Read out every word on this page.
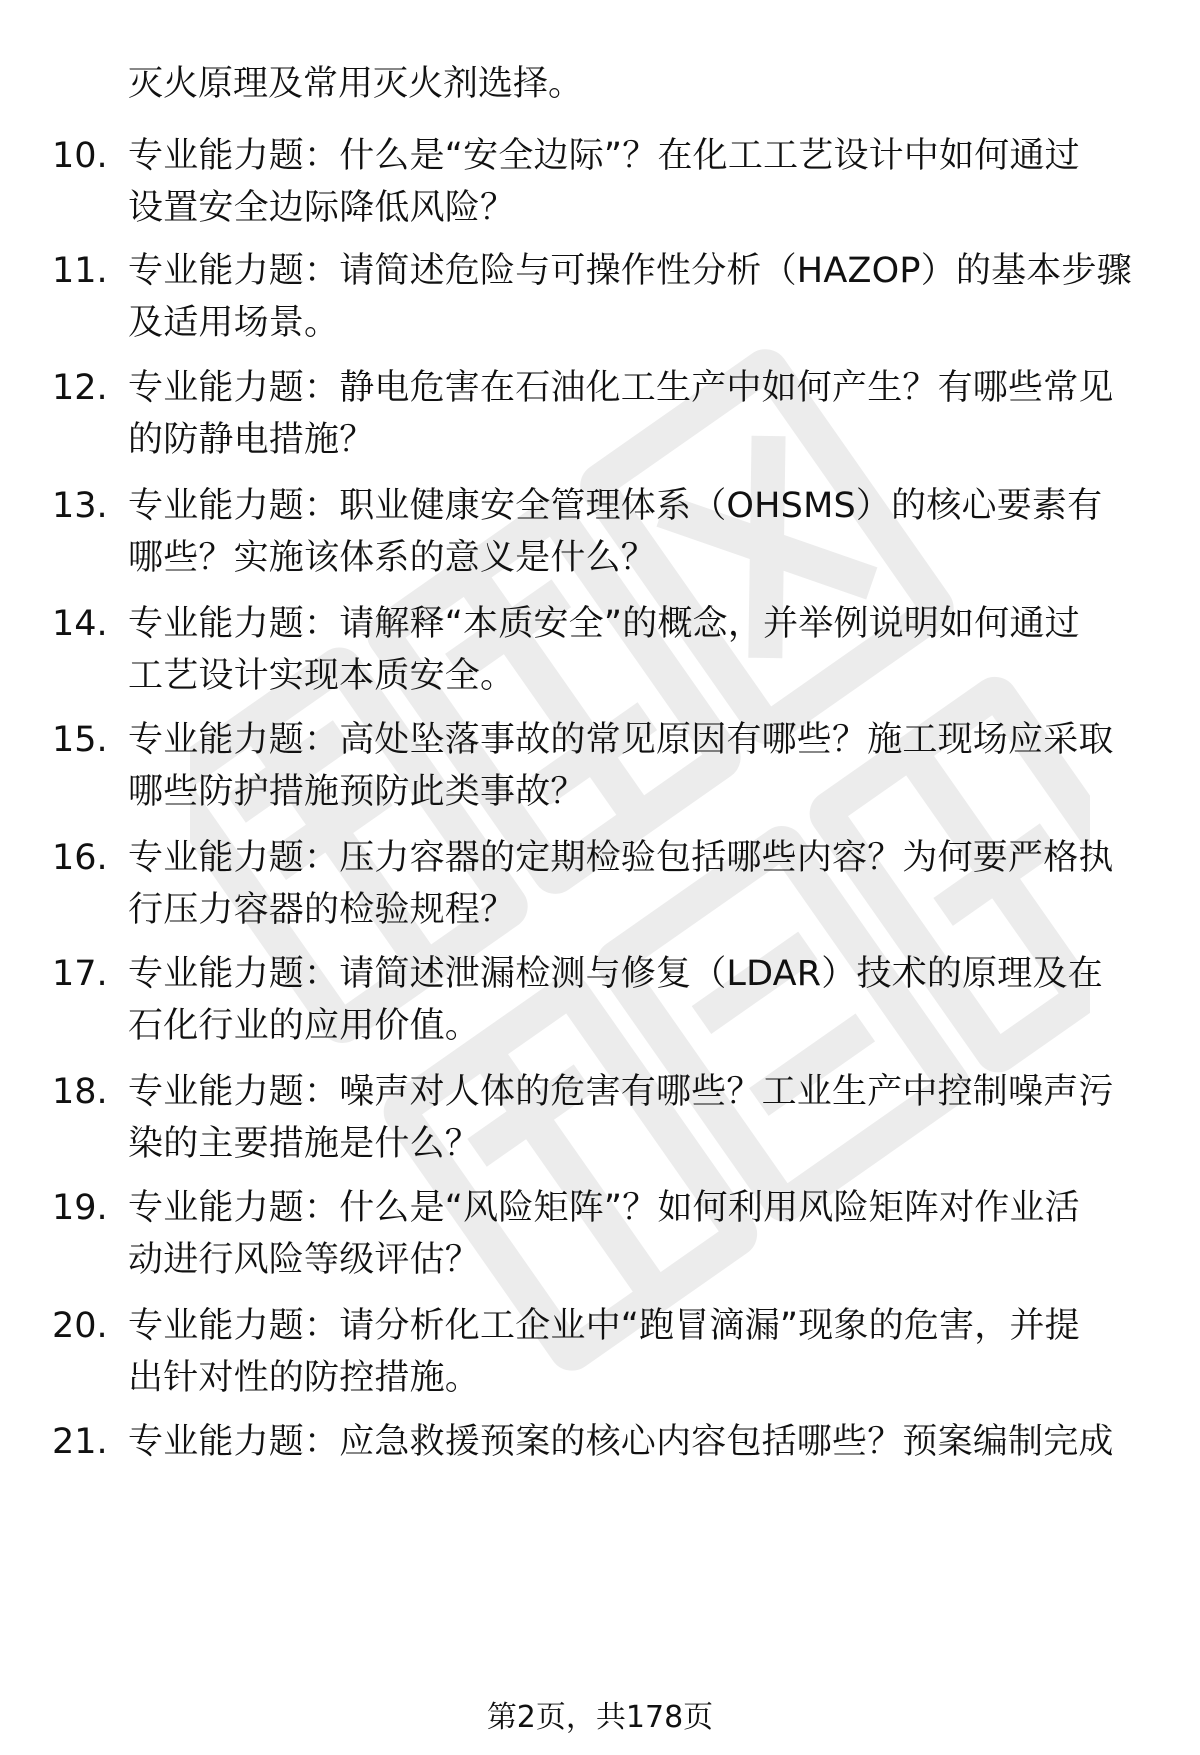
灭火原理及常用灭火剂选择。
10. 专业能力题：什么是“安全边际”？在化工工艺设计中如何通过
设置安全边际降低风险？
11. 专业能力题：请简述危险与可操作性分析（HAZOP）的基本步骤
及适用场景。
12. 专业能力题：静电危害在石油化工生产中如何产生？有哪些常见
的防静电措施？
13. 专业能力题：职业健康安全管理体系（OHSMS）的核心要素有
哪些？实施该体系的意义是什么？
14. 专业能力题：请解释“本质安全”的概念，并举例说明如何通过
工艺设计实现本质安全。
15. 专业能力题：高处坠落事故的常见原因有哪些？施工现场应采取
哪些防护措施预防此类事故？
16. 专业能力题：压力容器的定期检验包括哪些内容？为何要严格执
行压力容器的检验规程？
17. 专业能力题：请简述泄漏检测与修复（LDAR）技术的原理及在
石化行业的应用价值。
18. 专业能力题：噪声对人体的危害有哪些？工业生产中控制噪声污
染的主要措施是什么？
19. 专业能力题：什么是“风险矩阵”？如何利用风险矩阵对作业活
动进行风险等级评估？
20. 专业能力题：请分析化工企业中“跑冒滴漏”现象的危害，并提
出针对性的防控措施。
21. 专业能力题：应急救援预案的核心内容包括哪些？预案编制完成
第2页，共178页
